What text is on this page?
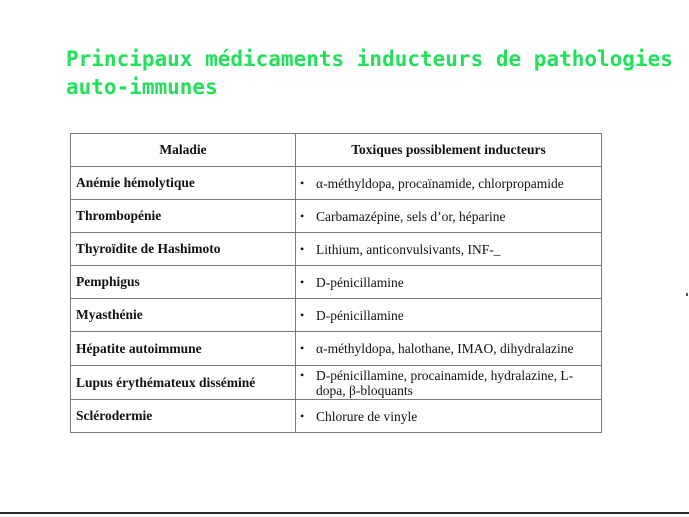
Principaux médicaments inducteurs de pathologies
auto-immunes
Maladie	Toxiques possiblement inducteurs
Anémie hémolytique	• α-méthyldopa, procaïnamide, chlorpropamide

Thrombopénie	• Carbamazépine, sels d’or, héparine

Thyroïdite de Hashimoto	• Lithium, anticonvulsivants, INF-_

Pemphigus	• D-pénicillamine

Myasthénie	• D-pénicillamine

Hépatite autoimmune	• α-méthyldopa, halothane, IMAO, dihydralazine

Lupus érythémateux disséminé	• D-pénicillamine, procainamide, hydralazine, L-dopa, β-bloquants

Sclérodermie	• Chlorure de vinyle
